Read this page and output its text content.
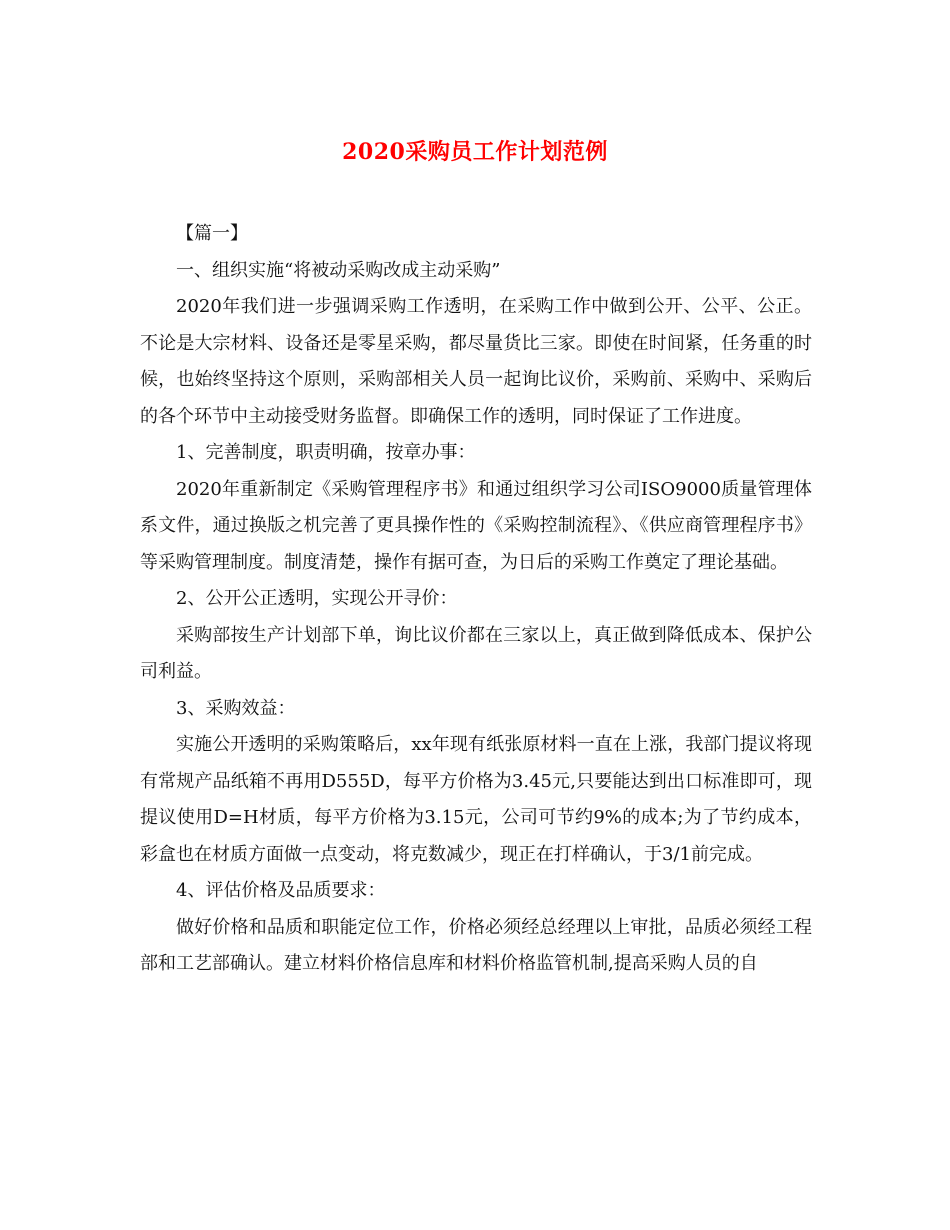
2020采购员工作计划范例

【篇一】

一、组织实施“将被动采购改成主动采购”

2020年我们进一步强调采购工作透明，在采购工作中做到公开、公平、公正。不论是大宗材料、设备还是零星采购，都尽量货比三家。即使在时间紧，任务重的时候，也始终坚持这个原则，采购部相关人员一起询比议价，采购前、采购中、采购后的各个环节中主动接受财务监督。即确保工作的透明，同时保证了工作进度。

1、完善制度，职责明确，按章办事：

2020年重新制定《采购管理程序书》和通过组织学习公司ISO9000质量管理体系文件，通过换版之机完善了更具操作性的《采购控制流程》、《供应商管理程序书》等采购管理制度。制度清楚，操作有据可查，为日后的采购工作奠定了理论基础。

2、公开公正透明，实现公开寻价：

采购部按生产计划部下单，询比议价都在三家以上，真正做到降低成本、保护公司利益。

3、采购效益：

实施公开透明的采购策略后，xx年现有纸张原材料一直在上涨，我部门提议将现有常规产品纸箱不再用D555D，每平方价格为3.45元,只要能达到出口标准即可，现提议使用D=H材质，每平方价格为3.15元，公司可节约9%的成本;为了节约成本，彩盒也在材质方面做一点变动，将克数减少，现正在打样确认，于3/1前完成。

4、评估价格及品质要求：

做好价格和品质和职能定位工作，价格必须经总经理以上审批，品质必须经工程部和工艺部确认。建立材料价格信息库和材料价格监管机制,提高采购人员的自
